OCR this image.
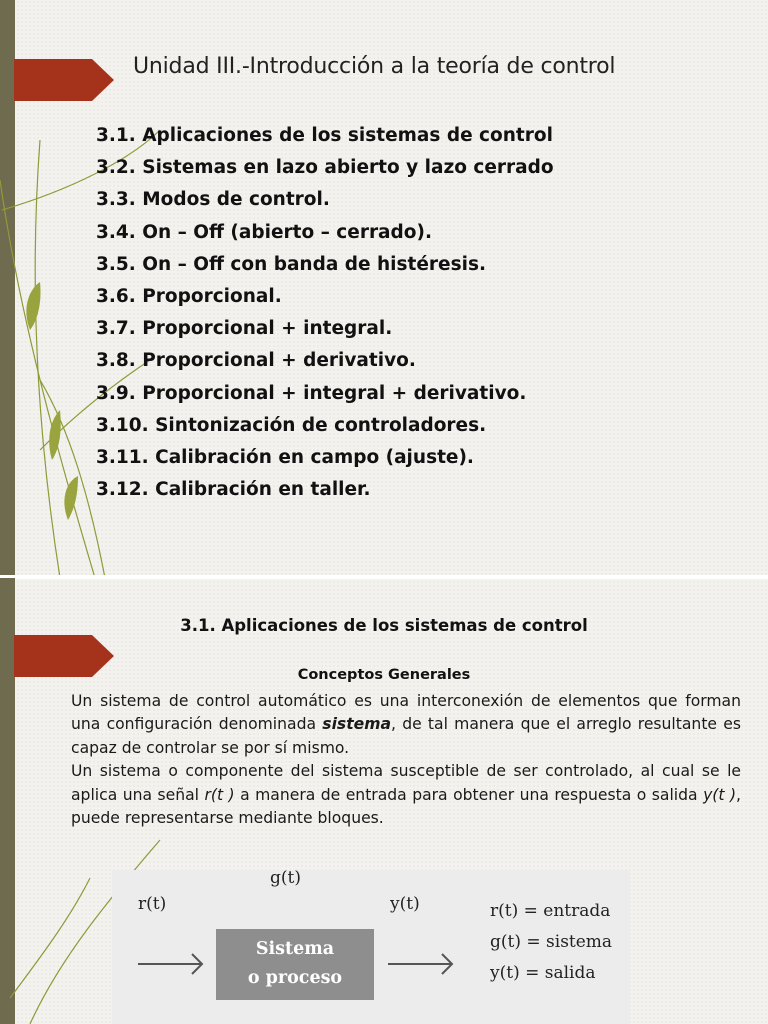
Unidad III.-Introducción a la teoría de control
3.1. Aplicaciones de los sistemas de control
3.2. Sistemas en lazo abierto y lazo cerrado
3.3. Modos de control.
3.4. On – Off (abierto – cerrado).
3.5. On – Off con banda de histéresis.
3.6. Proporcional.
3.7. Proporcional + integral.
3.8. Proporcional + derivativo.
3.9. Proporcional + integral + derivativo.
3.10. Sintonización de controladores.
3.11. Calibración en campo (ajuste).
3.12. Calibración en taller.
3.1. Aplicaciones de los sistemas de control
Conceptos Generales

Un sistema de control automático es una interconexión de elementos que forman una configuración denominada sistema, de tal manera que el arreglo resultante es capaz de controlar se por sí mismo.

Un sistema o componente del sistema susceptible de ser controlado, al cual se le aplica una señal r(t ) a manera de entrada para obtener una respuesta o salida y(t ), puede representarse mediante bloques.

r(t)
g(t)
y(t)
Sistema
o proceso
r(t) = entrada
g(t) = sistema
y(t) = salida
